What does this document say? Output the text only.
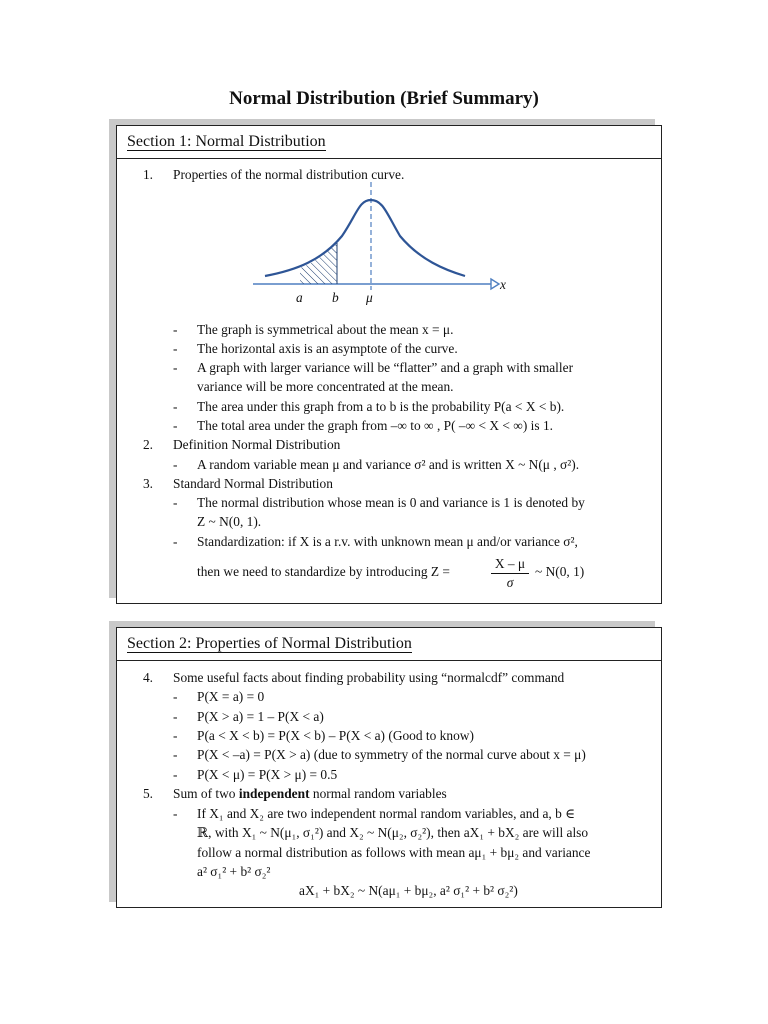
Normal Distribution (Brief Summary)
Section 1: Normal Distribution
1. Properties of the normal distribution curve.
a b μ
x
- The graph is symmetrical about the mean x = μ.
- The horizontal axis is an asymptote of the curve.
- A graph with larger variance will be “flatter” and a graph with smaller
variance will be more concentrated at the mean.
- The area under this graph from a to b is the probability P(a < X < b).
- The total area under the graph from –∞ to ∞ , P( –∞ < X < ∞) is 1.
2. Definition Normal Distribution
- A random variable mean μ and variance σ² and is written X ~ N(μ , σ²).
3. Standard Normal Distribution
- The normal distribution whose mean is 0 and variance is 1 is denoted by
Z ~ N(0, 1).
- Standardization: if X is a r.v. with unknown mean μ and/or variance σ²,
then we need to standardize by introducing Z =
X – μ
σ
~ N(0, 1)
Section 2: Properties of Normal Distribution
4. Some useful facts about finding probability using “normalcdf” command
- P(X = a) = 0
- P(X > a) = 1 – P(X < a)
- P(a < X < b) = P(X < b) – P(X < a) (Good to know)
- P(X < –a) = P(X > a) (due to symmetry of the normal curve about x = μ)
- P(X < μ) = P(X > μ) = 0.5
5. Sum of two independent normal random variables
- If X₁ and X₂ are two independent normal random variables, and a, b ∈
ℝ, with X₁ ~ N(μ₁, σ₁²) and X₂ ~ N(μ₂, σ₂²), then aX₁ + bX₂ are will also
follow a normal distribution as follows with mean aμ₁ + bμ₂ and variance
a² σ₁² + b² σ₂²
aX₁ + bX₂ ~ N(aμ₁ + bμ₂, a² σ₁² + b² σ₂²)
